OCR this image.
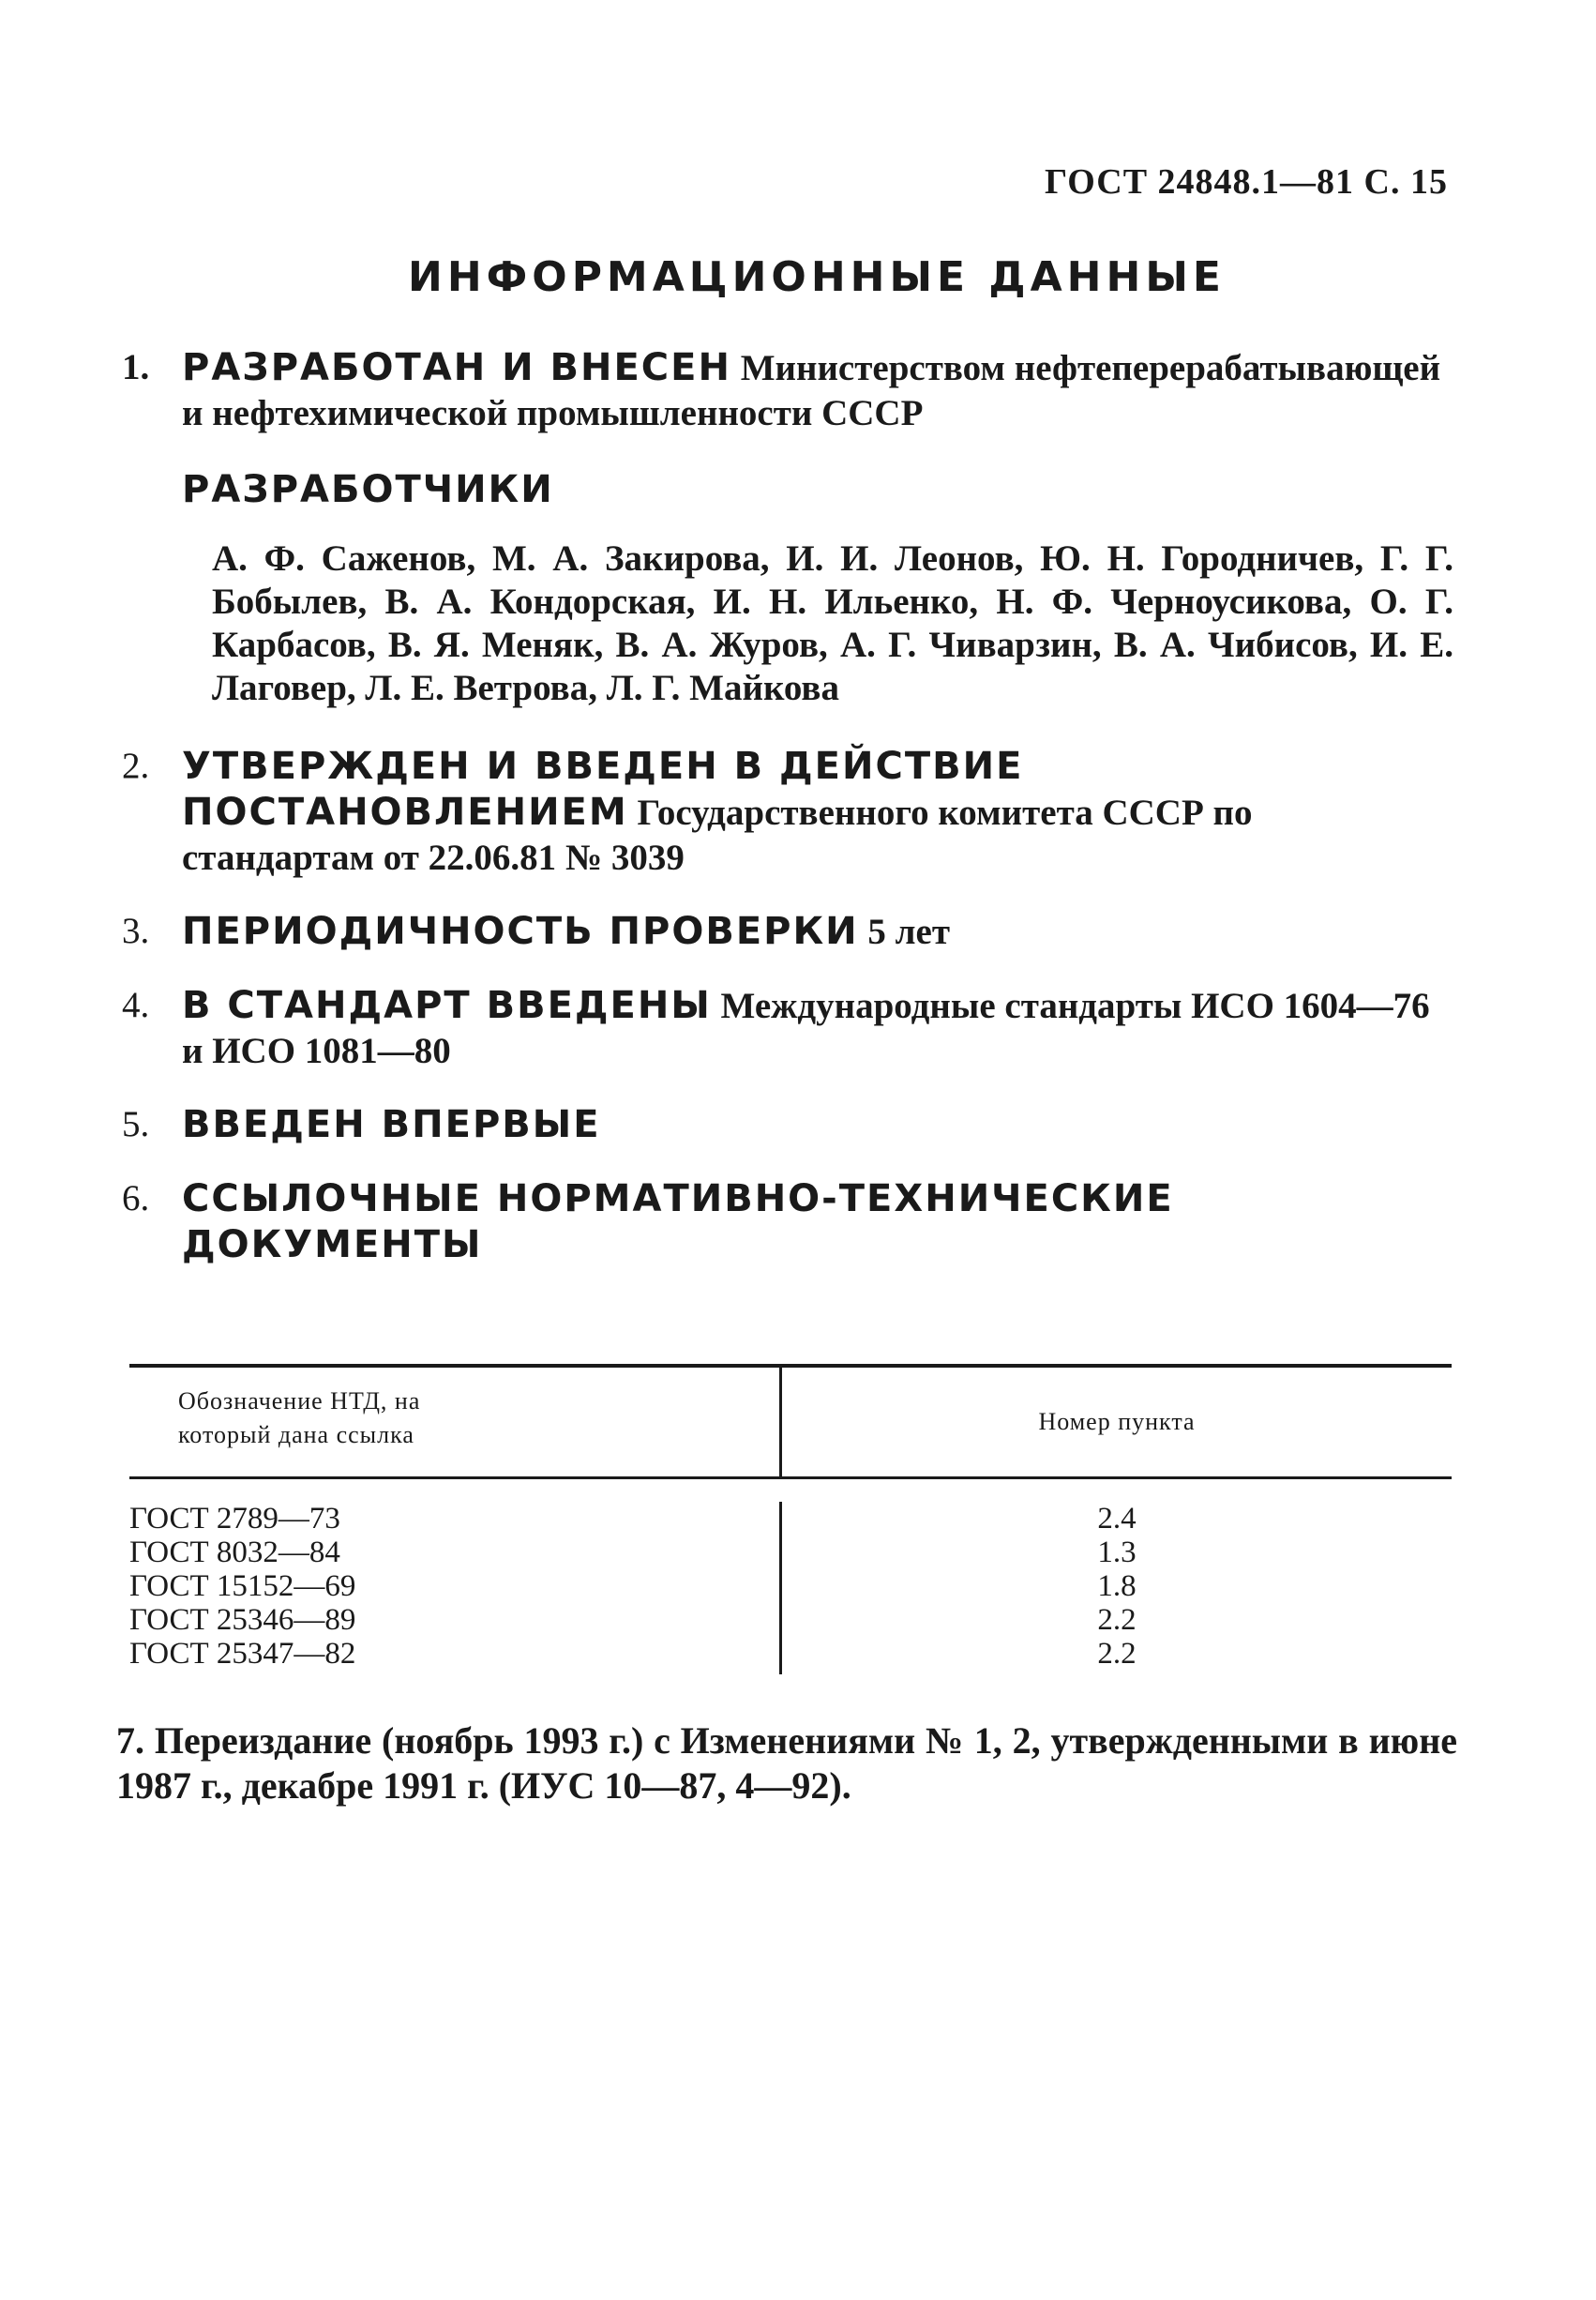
ГОСТ 24848.1—81 С. 15
ИНФОРМАЦИОННЫЕ ДАННЫЕ
1. РАЗРАБОТАН И ВНЕСЕН Министерством нефтеперерабатывающей и нефтехимической промышленности СССР
РАЗРАБОТЧИКИ
А. Ф. Саженов, М. А. Закирова, И. И. Леонов, Ю. Н. Городничев, Г. Г. Бобылев, В. А. Кондорская, И. Н. Ильенко, Н. Ф. Черноусикова, О. Г. Карбасов, В. Я. Меняк, В. А. Журов, А. Г. Чиварзин, В. А. Чибисов, И. Е. Лаговер, Л. Е. Ветрова, Л. Г. Майкова
2. УТВЕРЖДЕН И ВВЕДЕН В ДЕЙСТВИЕ ПОСТАНОВЛЕНИЕМ Государственного комитета СССР по стандартам от 22.06.81 № 3039
3. ПЕРИОДИЧНОСТЬ ПРОВЕРКИ 5 лет
4. В СТАНДАРТ ВВЕДЕНЫ Международные стандарты ИСО 1604—76 и ИСО 1081—80
5. ВВЕДЕН ВПЕРВЫЕ
6. ССЫЛОЧНЫЕ НОРМАТИВНО-ТЕХНИЧЕСКИЕ ДОКУМЕНТЫ
Обозначение НТД, на
который дана ссылка	Номер пункта
ГОСТ 2789—73
ГОСТ 8032—84
ГОСТ 15152—69
ГОСТ 25346—89
ГОСТ 25347—82
2.4
1.3
1.8
2.2
2.2
7. Переиздание (ноябрь 1993 г.) с Изменениями № 1, 2, утвержденными в июне 1987 г., декабре 1991 г. (ИУС 10—87, 4—92).
